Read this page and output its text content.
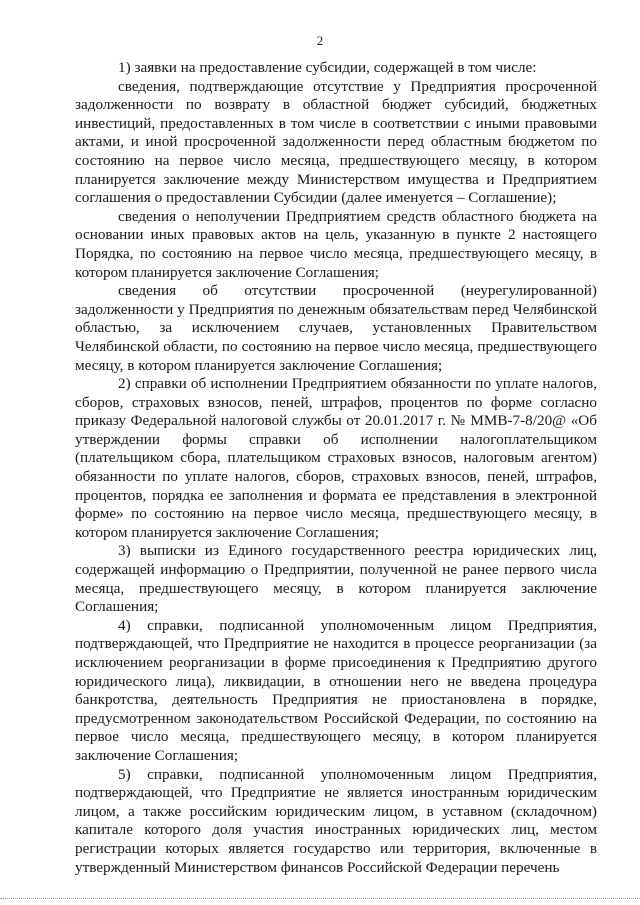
2

1) заявки на предоставление субсидии, содержащей в том числе:

сведения, подтверждающие отсутствие у Предприятия просроченной задолженности по возврату в областной бюджет субсидий, бюджетных инвестиций, предоставленных в том числе в соответствии с иными правовыми актами, и иной просроченной задолженности перед областным бюджетом по состоянию на первое число месяца, предшествующего месяцу, в котором планируется заключение между Министерством имущества и Предприятием соглашения о предоставлении Субсидии (далее именуется – Соглашение);

сведения о неполучении Предприятием средств областного бюджета на основании иных правовых актов на цель, указанную в пункте 2 настоящего Порядка, по состоянию на первое число месяца, предшествующего месяцу, в котором планируется заключение Соглашения;

сведения об отсутствии просроченной (неурегулированной) задолженности у Предприятия по денежным обязательствам перед Челябинской областью, за исключением случаев, установленных Правительством Челябинской области, по состоянию на первое число месяца, предшествующего месяцу, в котором планируется заключение Соглашения;

2) справки об исполнении Предприятием обязанности по уплате налогов, сборов, страховых взносов, пеней, штрафов, процентов по форме согласно приказу Федеральной налоговой службы от 20.01.2017 г. № ММВ-7-8/20@ «Об утверждении формы справки об исполнении налогоплательщиком (плательщиком сбора, плательщиком страховых взносов, налоговым агентом) обязанности по уплате налогов, сборов, страховых взносов, пеней, штрафов, процентов, порядка ее заполнения и формата ее представления в электронной форме» по состоянию на первое число месяца, предшествующего месяцу, в котором планируется заключение Соглашения;

3) выписки из Единого государственного реестра юридических лиц, содержащей информацию о Предприятии, полученной не ранее первого числа месяца, предшествующего месяцу, в котором планируется заключение Соглашения;

4) справки, подписанной уполномоченным лицом Предприятия, подтверждающей, что Предприятие не находится в процессе реорганизации (за исключением реорганизации в форме присоединения к Предприятию другого юридического лица), ликвидации, в отношении него не введена процедура банкротства, деятельность Предприятия не приостановлена в порядке, предусмотренном законодательством Российской Федерации, по состоянию на первое число месяца, предшествующего месяцу, в котором планируется заключение Соглашения;

5) справки, подписанной уполномоченным лицом Предприятия, подтверждающей, что Предприятие не является иностранным юридическим лицом, а также российским юридическим лицом, в уставном (складочном) капитале которого доля участия иностранных юридических лиц, местом регистрации которых является государство или территория, включенные в утвержденный Министерством финансов Российской Федерации перечень
